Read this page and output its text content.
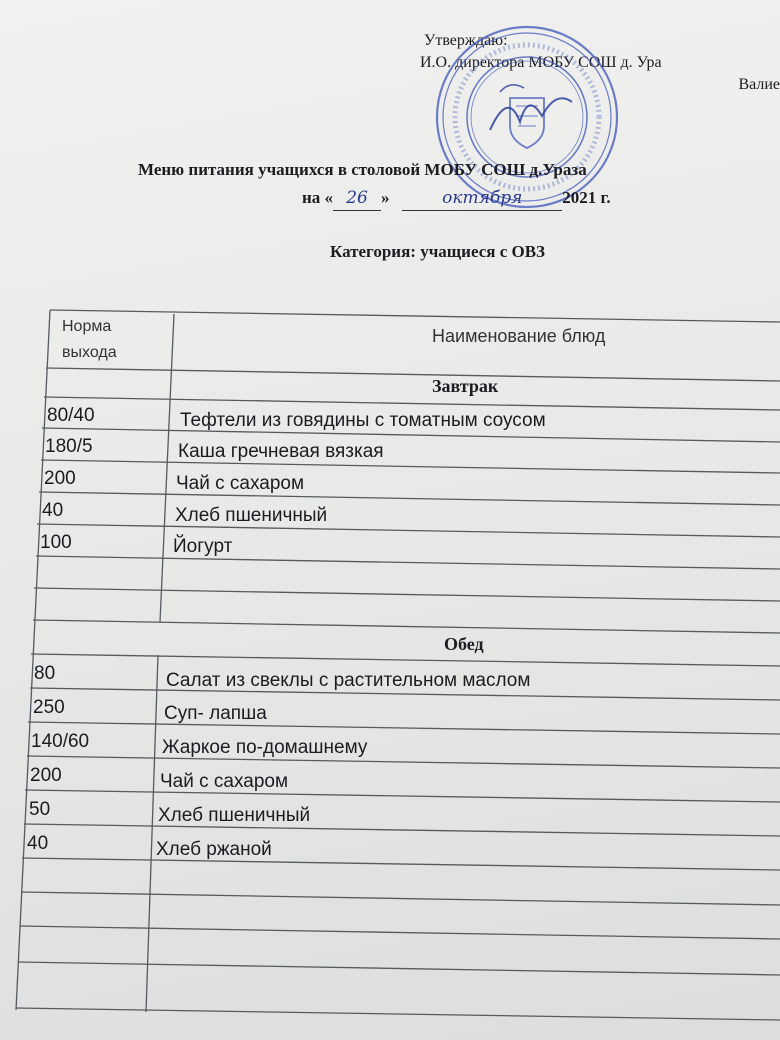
Утверждаю:
И.О. директора МОБУ СОШ д. Ура
Валие
Меню питания учащихся в столовой МОБУ СОШ д.Ураза
на « 26 »	октября 2021 г.
Категория: учащиеся с ОВЗ
Норма выхода
Наименование блюд
Завтрак
80/40	Тефтели из говядины с томатным соусом
180/5	Каша гречневая вязкая
200	Чай с сахаром
40	Хлеб пшеничный
100	Йогурт
Обед
80	Салат из свеклы с растительном маслом
250	Суп- лапша
140/60	Жаркое по-домашнему
200	Чай с сахаром
50	Хлеб пшеничный
40	Хлеб ржаной
